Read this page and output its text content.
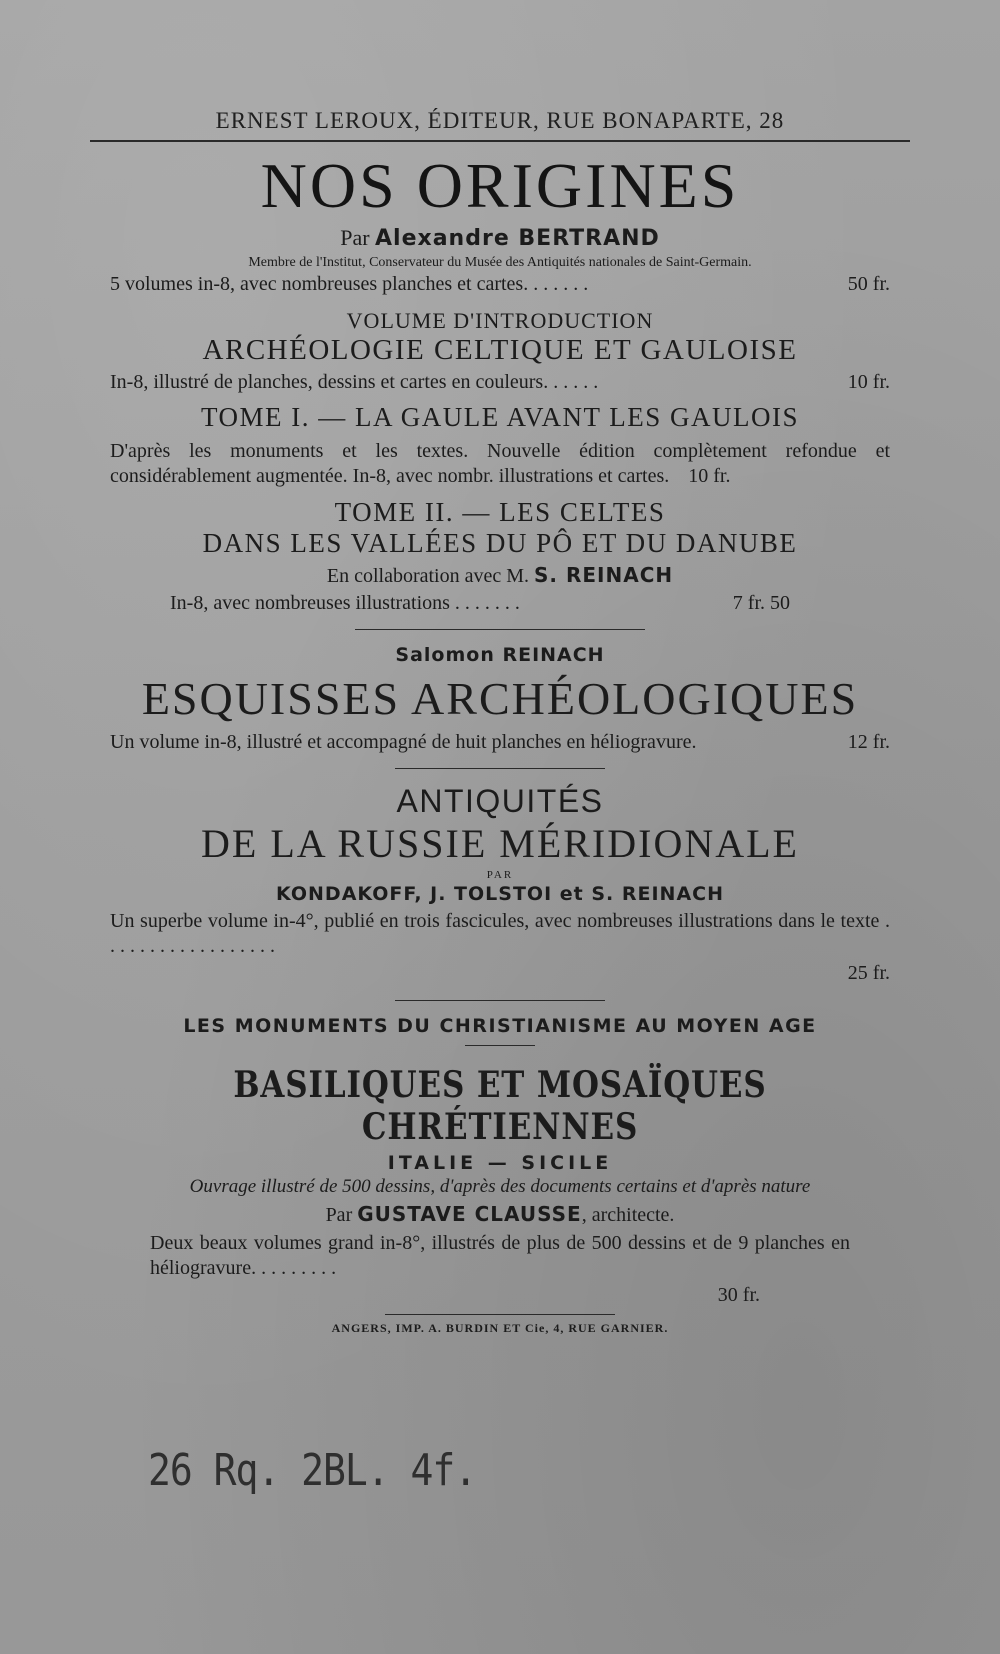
ERNEST LEROUX, ÉDITEUR, RUE BONAPARTE, 28

NOS ORIGINES
Par Alexandre BERTRAND

Membre de l'Institut, Conservateur du Musée des Antiquités nationales de Saint-Germain.

5 volumes in-8, avec nombreuses planches et cartes. . . . . . .	50 fr.
VOLUME D'INTRODUCTION
ARCHÉOLOGIE CELTIQUE ET GAULOISE
In-8, illustré de planches, dessins et cartes en couleurs. . . . . .	10 fr.
TOME I. — LA GAULE AVANT LES GAULOIS
D'après les monuments et les textes. Nouvelle édition complètement refondue et considérablement augmentée. In-8, avec nombr. illustrations et cartes. 10 fr.
TOME II. — LES CELTES
DANS LES VALLÉES DU PÔ ET DU DANUBE
En collaboration avec M. S. REINACH
In-8, avec nombreuses illustrations . . . . . . .	7 fr. 50
Salomon REINACH
ESQUISSES ARCHÉOLOGIQUES
Un volume in-8, illustré et accompagné de huit planches en héliogravure.	12 fr.
ANTIQUITÉS
DE LA RUSSIE MÉRIDIONALE

PAR

KONDAKOFF, J. TOLSTOI et S. REINACH
Un superbe volume in-4°, publié en trois fascicules, avec nombreuses illustrations dans le texte . . . . . . . . . . . . . . . . . .
25 fr.
LES MONUMENTS DU CHRISTIANISME AU MOYEN AGE
BASILIQUES ET MOSAÏQUES CHRÉTIENNES
ITALIE — SICILE
Ouvrage illustré de 500 dessins, d'après des documents certains et d'après nature
Par GUSTAVE CLAUSSE, architecte.
Deux beaux volumes grand in-8°, illustrés de plus de 500 dessins et de 9 planches en héliogravure. . . . . . . . .
30 fr.
ANGERS, IMP. A. BURDIN ET Cie, 4, RUE GARNIER.
26 Rq. 2BL. 4f.
